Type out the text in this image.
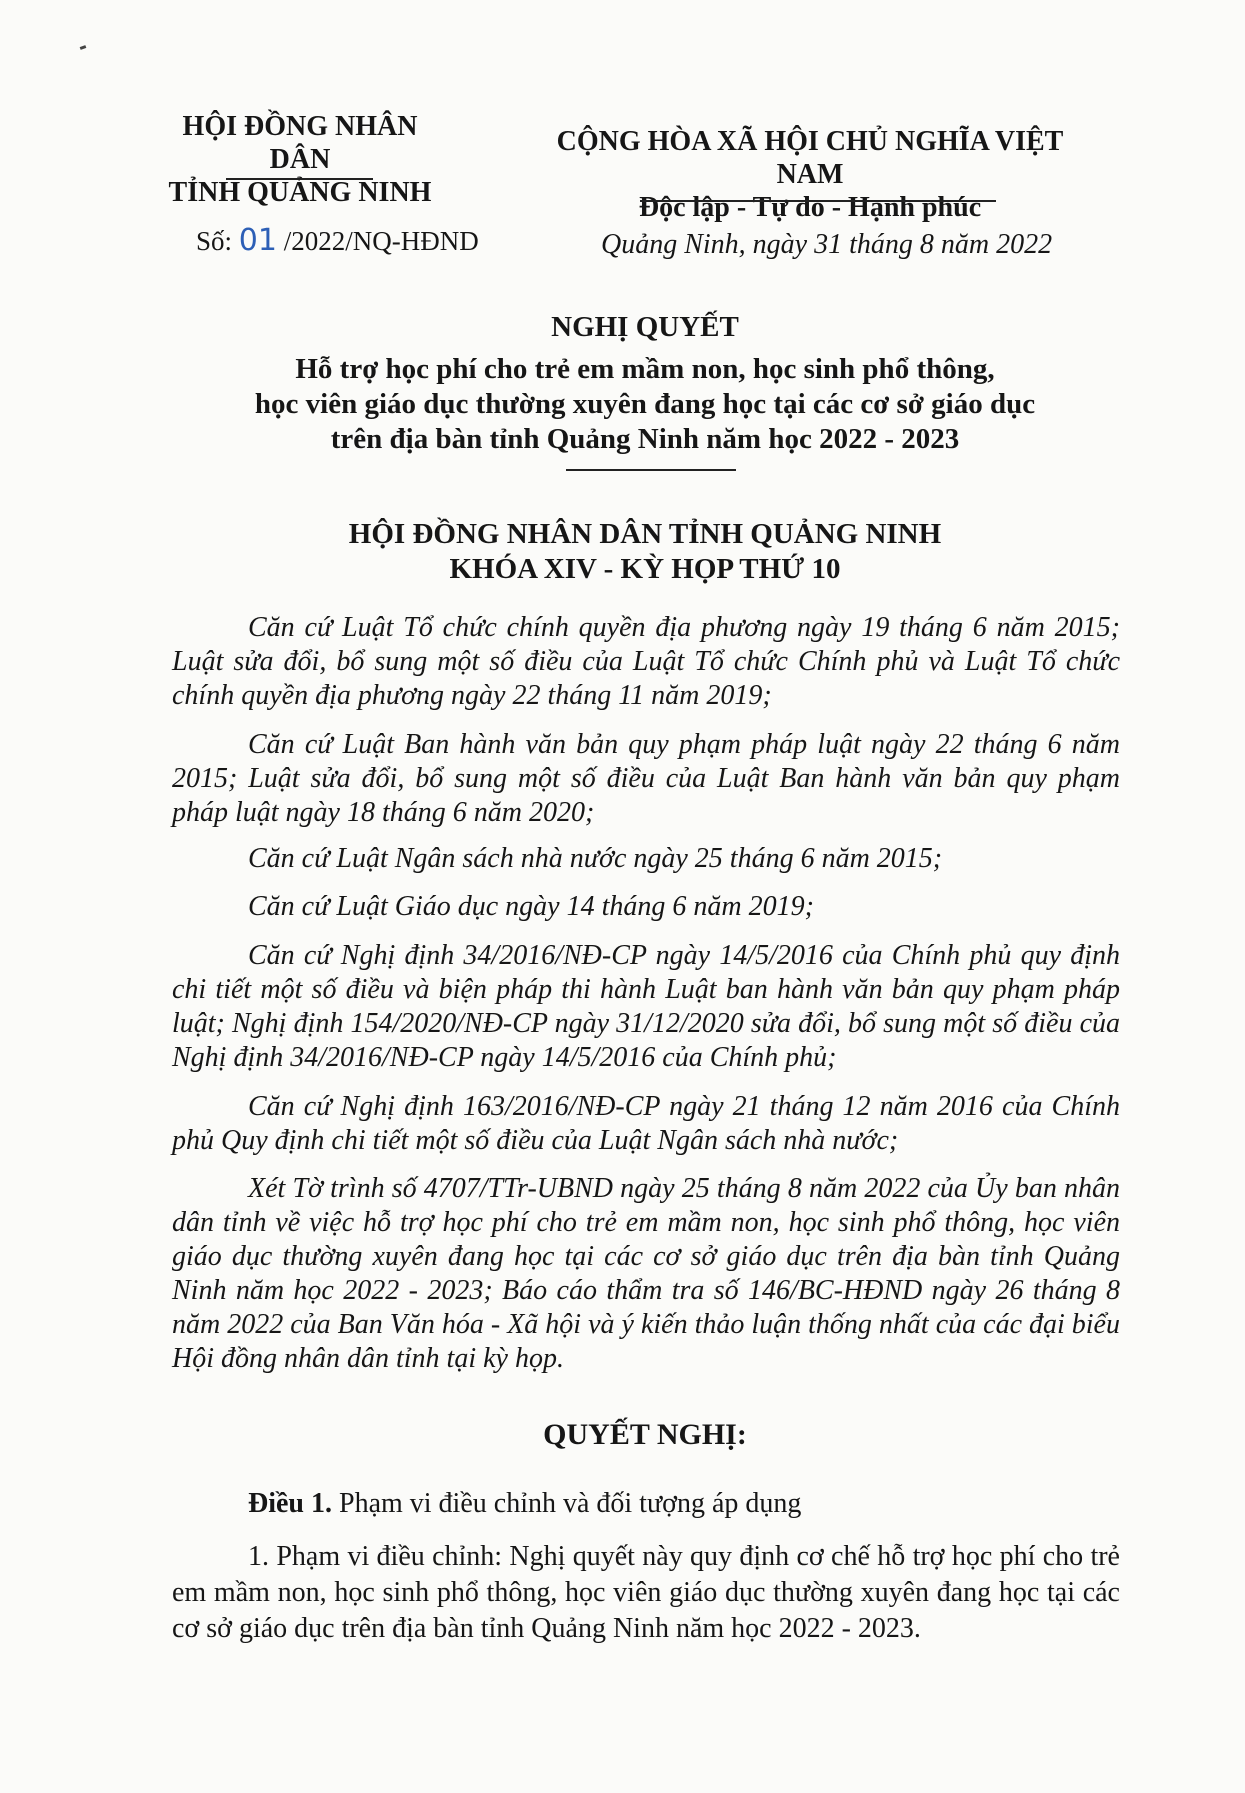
HỘI ĐỒNG NHÂN DÂN
TỈNH QUẢNG NINH
CỘNG HÒA XÃ HỘI CHỦ NGHĨA VIỆT NAM
Độc lập - Tự do - Hạnh phúc
Số: 01 /2022/NQ-HĐND	Quảng Ninh, ngày 31 tháng 8 năm 2022
NGHỊ QUYẾT
Hỗ trợ học phí cho trẻ em mầm non, học sinh phổ thông,
học viên giáo dục thường xuyên đang học tại các cơ sở giáo dục
trên địa bàn tỉnh Quảng Ninh năm học 2022 - 2023
HỘI ĐỒNG NHÂN DÂN TỈNH QUẢNG NINH
KHÓA XIV - KỲ HỌP THỨ 10
Căn cứ Luật Tổ chức chính quyền địa phương ngày 19 tháng 6 năm 2015; Luật sửa đổi, bổ sung một số điều của Luật Tổ chức Chính phủ và Luật Tổ chức chính quyền địa phương ngày 22 tháng 11 năm 2019;
Căn cứ Luật Ban hành văn bản quy phạm pháp luật ngày 22 tháng 6 năm 2015; Luật sửa đổi, bổ sung một số điều của Luật Ban hành văn bản quy phạm pháp luật ngày 18 tháng 6 năm 2020;
Căn cứ Luật Ngân sách nhà nước ngày 25 tháng 6 năm 2015;
Căn cứ Luật Giáo dục ngày 14 tháng 6 năm 2019;
Căn cứ Nghị định 34/2016/NĐ-CP ngày 14/5/2016 của Chính phủ quy định chi tiết một số điều và biện pháp thi hành Luật ban hành văn bản quy phạm pháp luật; Nghị định 154/2020/NĐ-CP ngày 31/12/2020 sửa đổi, bổ sung một số điều của Nghị định 34/2016/NĐ-CP ngày 14/5/2016 của Chính phủ;
Căn cứ Nghị định 163/2016/NĐ-CP ngày 21 tháng 12 năm 2016 của Chính phủ Quy định chi tiết một số điều của Luật Ngân sách nhà nước;
Xét Tờ trình số 4707/TTr-UBND ngày 25 tháng 8 năm 2022 của Ủy ban nhân dân tỉnh về việc hỗ trợ học phí cho trẻ em mầm non, học sinh phổ thông, học viên giáo dục thường xuyên đang học tại các cơ sở giáo dục trên địa bàn tỉnh Quảng Ninh năm học 2022 - 2023; Báo cáo thẩm tra số 146/BC-HĐND ngày 26 tháng 8 năm 2022 của Ban Văn hóa - Xã hội và ý kiến thảo luận thống nhất của các đại biểu Hội đồng nhân dân tỉnh tại kỳ họp.
QUYẾT NGHỊ:
Điều 1. Phạm vi điều chỉnh và đối tượng áp dụng
1. Phạm vi điều chỉnh: Nghị quyết này quy định cơ chế hỗ trợ học phí cho trẻ em mầm non, học sinh phổ thông, học viên giáo dục thường xuyên đang học tại các cơ sở giáo dục trên địa bàn tỉnh Quảng Ninh năm học 2022 - 2023.
